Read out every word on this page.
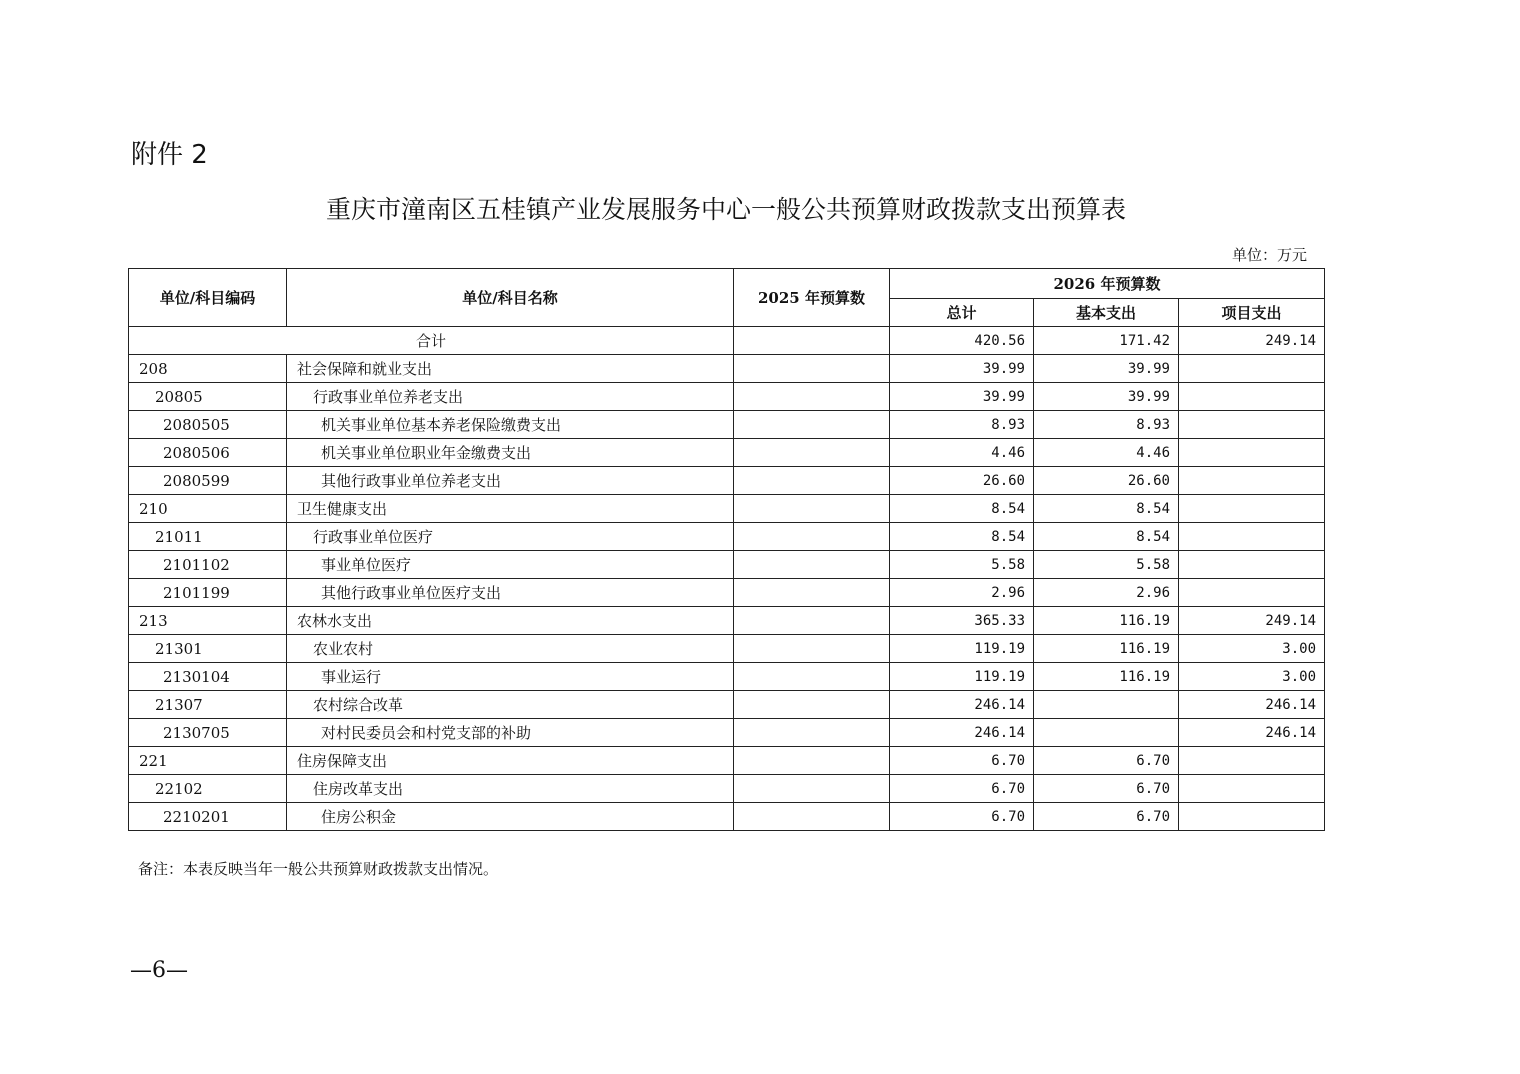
附件 2
重庆市潼南区五桂镇产业发展服务中心一般公共预算财政拨款支出预算表
单位：万元
单位/科目编码	单位/科目名称	2025 年预算数	2026 年预算数		
			总计	基本支出	项目支出
合计			420.56	171.42	249.14
208	社会保障和就业支出		39.99	39.99	
20805	行政事业单位养老支出		39.99	39.99	
2080505	机关事业单位基本养老保险缴费支出		8.93	8.93	
2080506	机关事业单位职业年金缴费支出		4.46	4.46	
2080599	其他行政事业单位养老支出		26.60	26.60	
210	卫生健康支出		8.54	8.54	
21011	行政事业单位医疗		8.54	8.54	
2101102	事业单位医疗		5.58	5.58	
2101199	其他行政事业单位医疗支出		2.96	2.96	
213	农林水支出		365.33	116.19	249.14
21301	农业农村		119.19	116.19	3.00
2130104	事业运行		119.19	116.19	3.00
21307	农村综合改革		246.14		246.14
2130705	对村民委员会和村党支部的补助		246.14		246.14
221	住房保障支出		6.70	6.70	
22102	住房改革支出		6.70	6.70	
2210201	住房公积金		6.70	6.70	
备注：本表反映当年一般公共预算财政拨款支出情况。
—6—
